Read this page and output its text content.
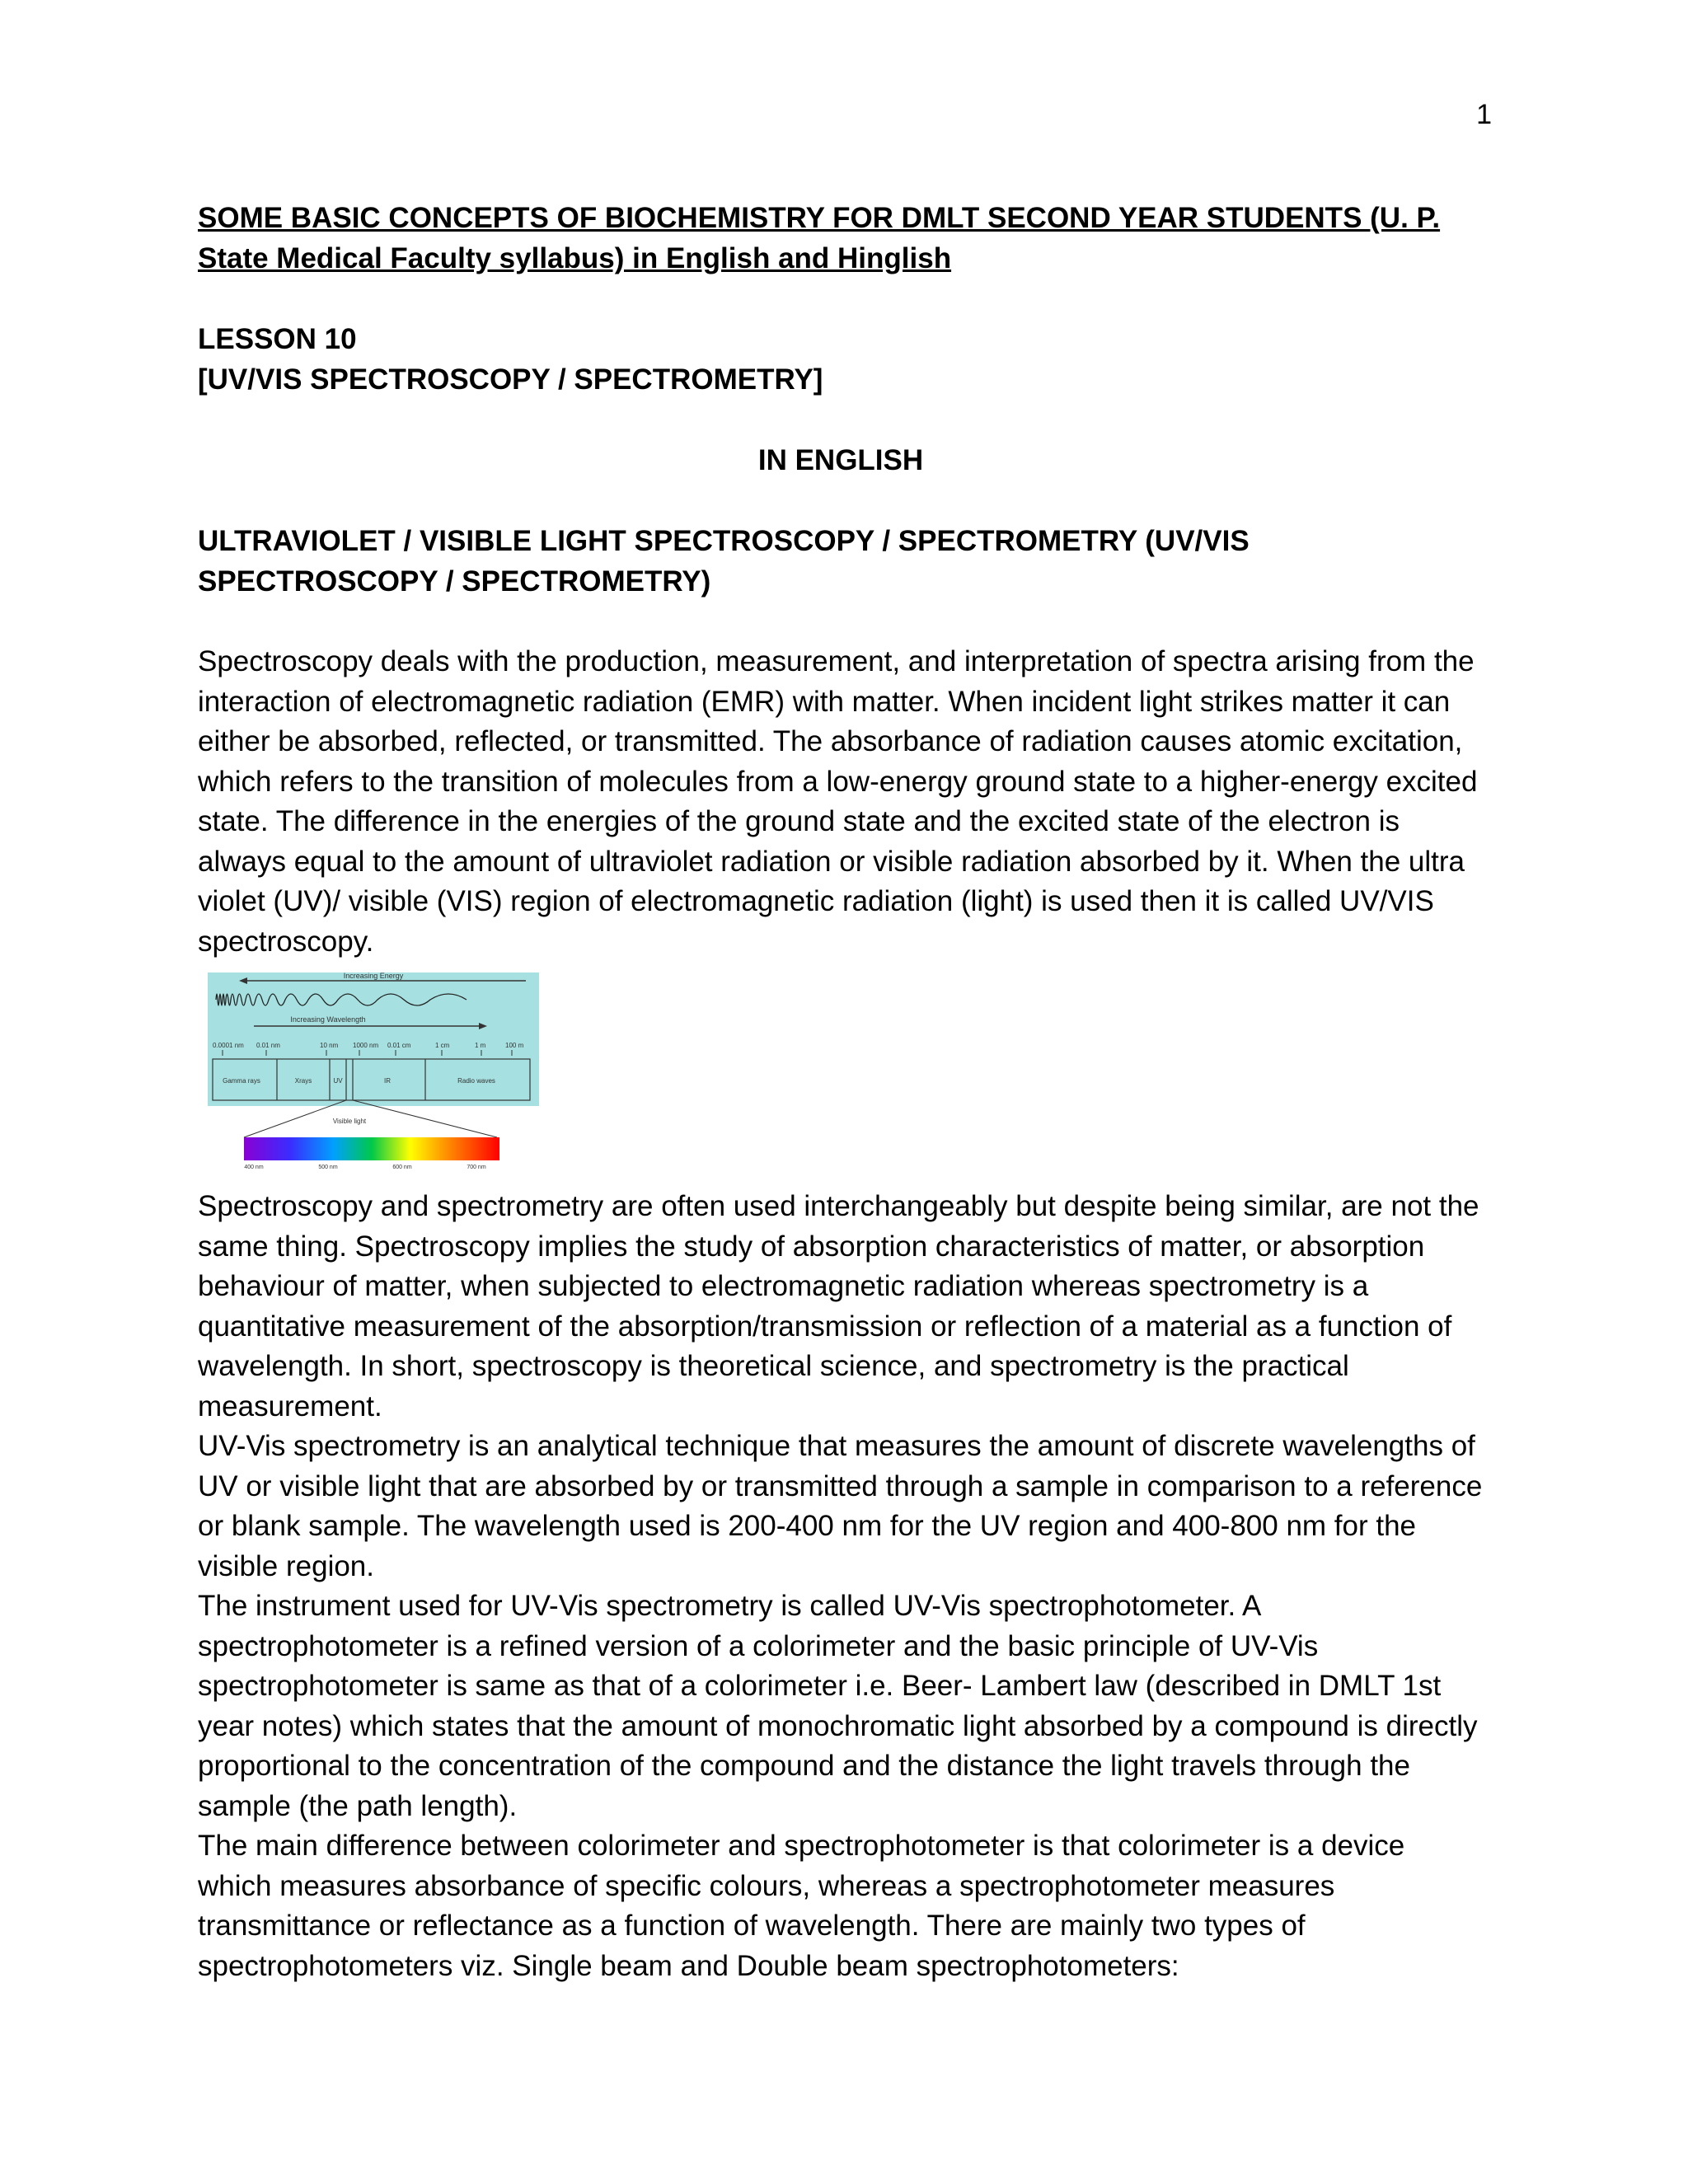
1

SOME BASIC CONCEPTS OF BIOCHEMISTRY FOR DMLT SECOND YEAR STUDENTS (U. P. State Medical Faculty syllabus) in English and Hinglish

LESSON 10
[UV/VIS SPECTROSCOPY / SPECTROMETRY]
IN ENGLISH
ULTRAVIOLET / VISIBLE LIGHT SPECTROSCOPY / SPECTROMETRY (UV/VIS SPECTROSCOPY / SPECTROMETRY)

Spectroscopy deals with the production, measurement, and interpretation of spectra arising from the interaction of electromagnetic radiation (EMR) with matter. When incident light strikes matter it can either be absorbed, reflected, or transmitted. The absorbance of radiation causes atomic excitation, which refers to the transition of molecules from a low-energy ground state to a higher-energy excited state. The difference in the energies of the ground state and the excited state of the electron is always equal to the amount of ultraviolet radiation or visible radiation absorbed by it. When the ultra violet (UV)/ visible (VIS) region of electromagnetic radiation (light) is used then it is called UV/VIS spectroscopy.

Increasing Energy
Increasing Wavelength
0.0001 nm 0.01 nm	10 nm 1000 nm 0.01 cm	1 cm	1 m	100 m
Gamma rays	Xrays	UV	IR	Radio waves
Visible light
400 nm	500 nm	600 nm	700 nm

Spectroscopy and spectrometry are often used interchangeably but despite being similar, are not the same thing. Spectroscopy implies the study of absorption characteristics of matter, or absorption behaviour of matter, when subjected to electromagnetic radiation whereas spectrometry is a quantitative measurement of the absorption/transmission or reflection of a material as a function of wavelength. In short, spectroscopy is theoretical science, and spectrometry is the practical measurement.

UV-Vis spectrometry is an analytical technique that measures the amount of discrete wavelengths of UV or visible light that are absorbed by or transmitted through a sample in comparison to a reference or blank sample. The wavelength used is 200-400 nm for the UV region and 400-800 nm for the visible region.

The instrument used for UV-Vis spectrometry is called UV-Vis spectrophotometer. A spectrophotometer is a refined version of a colorimeter and the basic principle of UV-Vis spectrophotometer is same as that of a colorimeter i.e. Beer- Lambert law (described in DMLT 1st year notes) which states that the amount of monochromatic light absorbed by a compound is directly proportional to the concentration of the compound and the distance the light travels through the sample (the path length).

The main difference between colorimeter and spectrophotometer is that colorimeter is a device which measures absorbance of specific colours, whereas a spectrophotometer measures transmittance or reflectance as a function of wavelength. There are mainly two types of spectrophotometers viz. Single beam and Double beam spectrophotometers:
